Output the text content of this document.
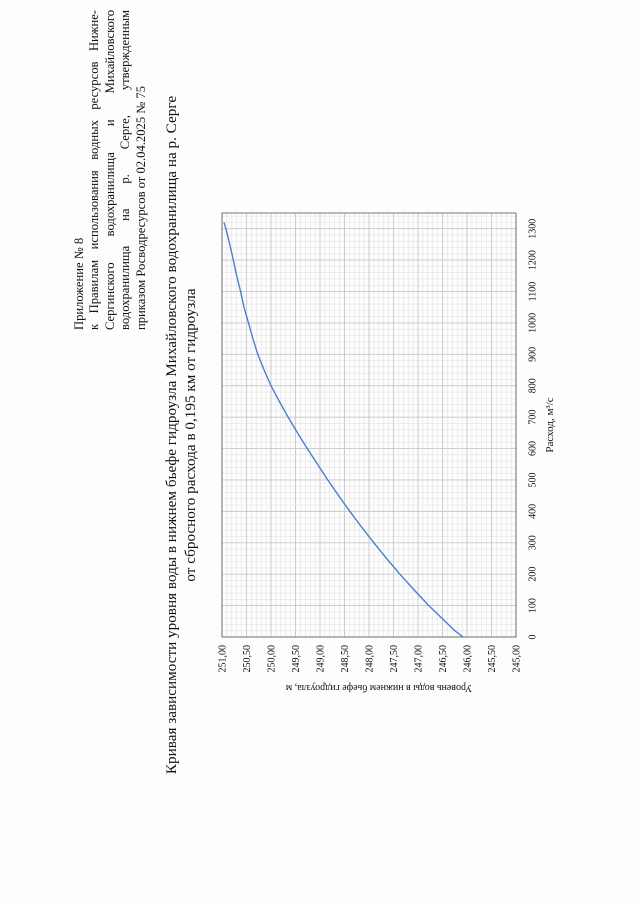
Приложение № 8 к Правилам использования водных ресурсов Нижне- Сергинского водохранилища и Михайловского водохранилища на р. Серге, утвержденным приказом Росводресурсов от 02.04.2025 № 75 Кривая зависимости уровня воды в нижнем бьефе гидроузла Михайловского водохранилища на р. Серге от сбросного расхода в 0,195 км от гидроузла
0
100
200
300
400
500
600
700
800
900
1000
1100
1200
1300
245,00
245,50
246,00
246,50
247,00
247,50
248,00
248,50
249,00
249,50
250,00
250,50
251,00
Расход, м³/с
Уровень воды в нижнем бьефе гидроузла, м
